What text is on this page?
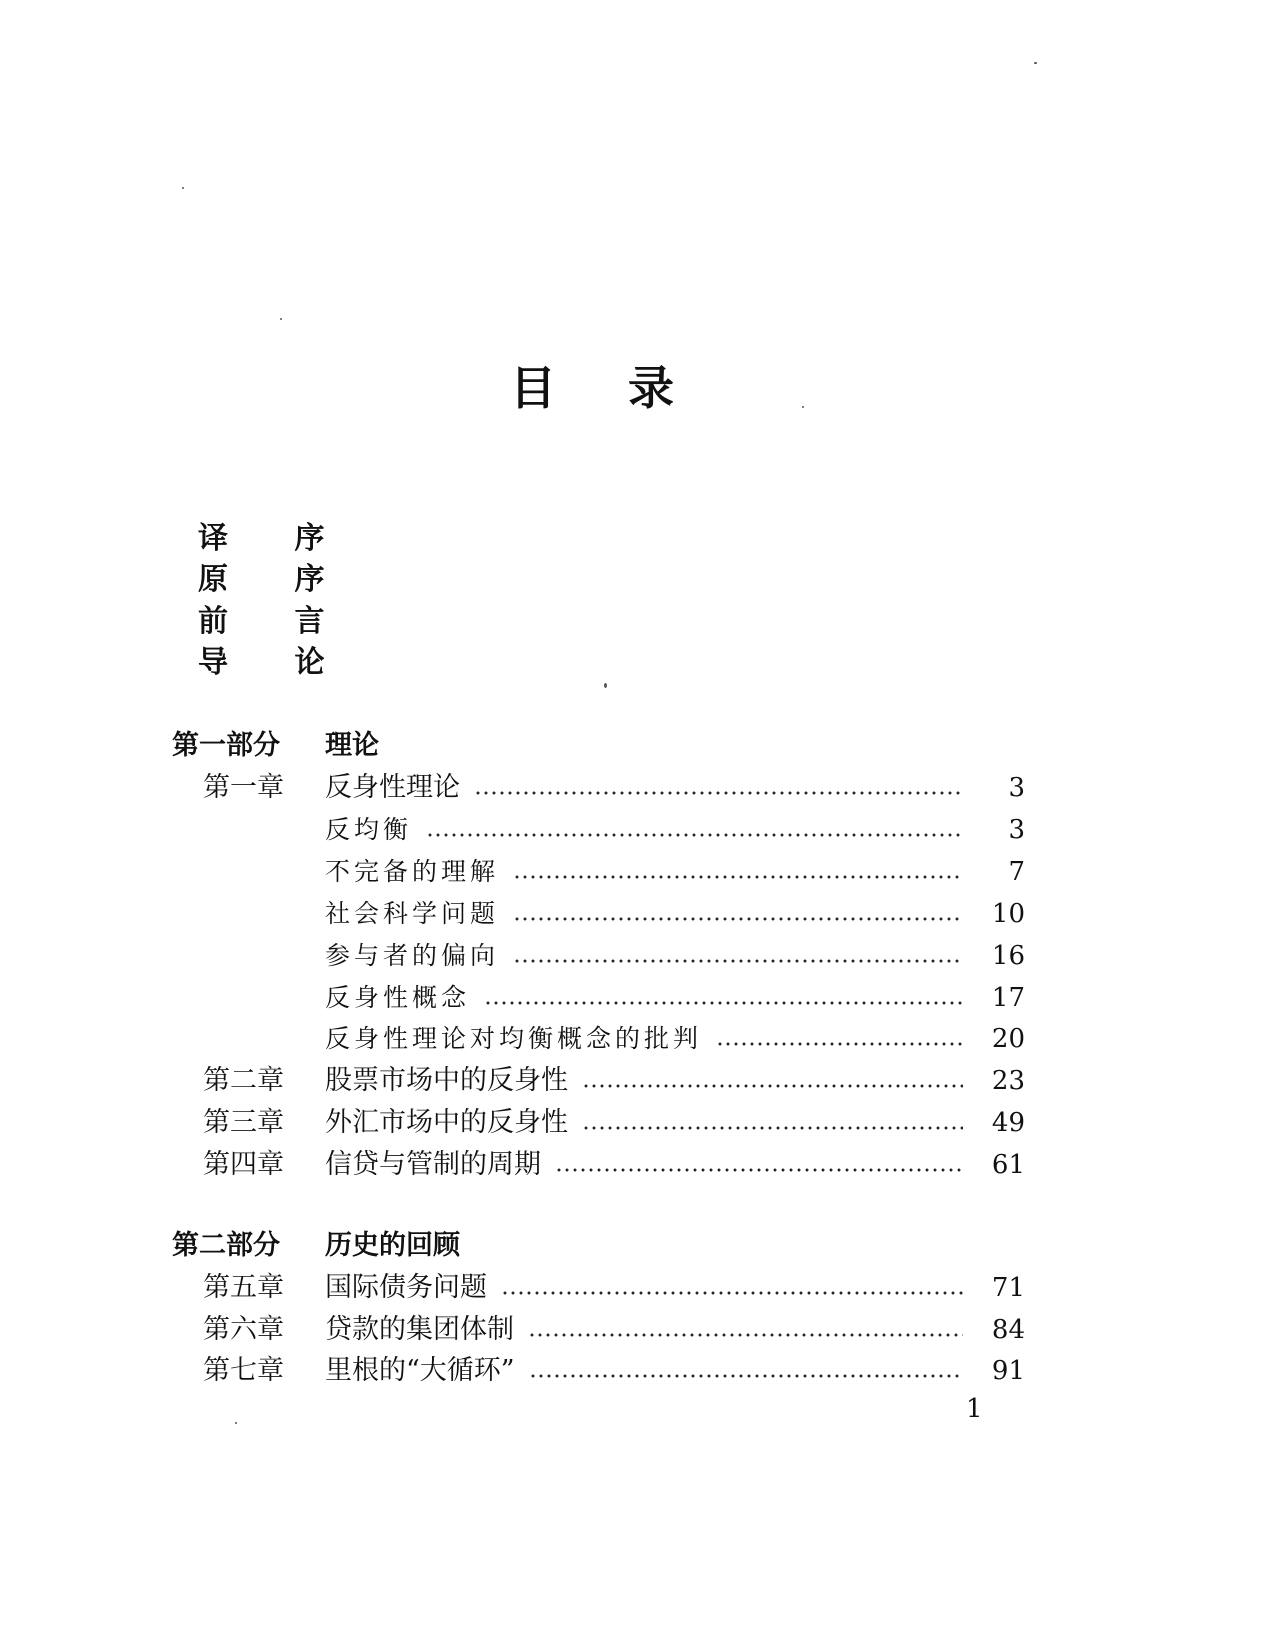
目 录
译 序
原 序
前 言
导 论
第一部分 理论
第一章 反身性理论	3
反均衡	3
不完备的理解	7
社会科学问题	10
参与者的偏向	16
反身性概念	17
反身性理论对均衡概念的批判	20
第二章 股票市场中的反身性	23
第三章 外汇市场中的反身性	49
第四章 信贷与管制的周期	61
第二部分 历史的回顾
第五章 国际债务问题	71
第六章 贷款的集团体制	84
第七章 里根的“大循环”	91
1
